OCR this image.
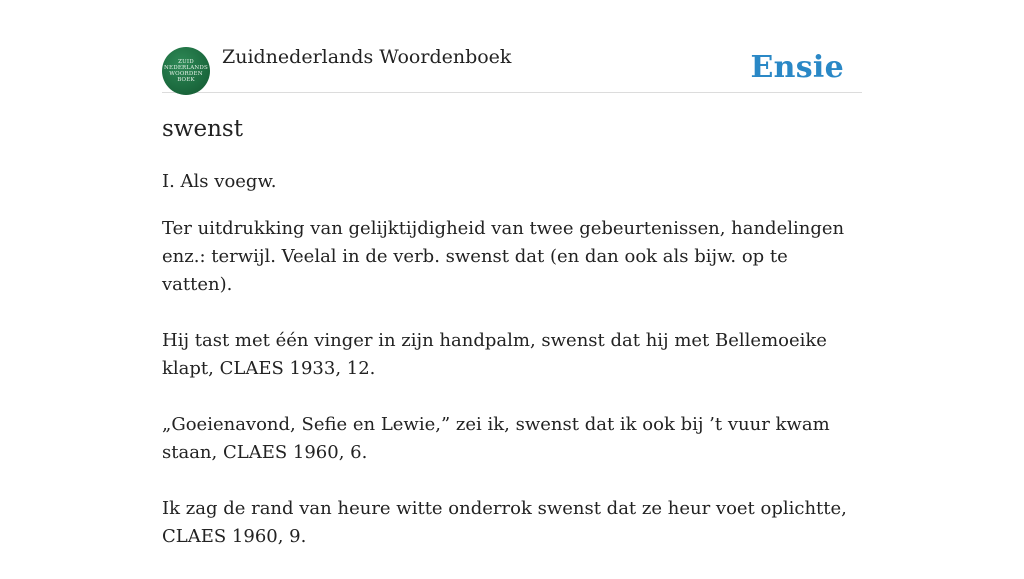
ZUID
NEDERLANDS
WOORDEN
BOEK
Zuidnederlands Woordenboek	Ensie
swenst

I. Als voegw.

Ter uitdrukking van gelijktijdigheid van twee gebeurtenissen, handelingen enz.: terwijl. Veelal in de verb. swenst dat (en dan ook als bijw. op te vatten).

Hij tast met één vinger in zijn handpalm, swenst dat hij met Bellemoeike klapt, CLAES 1933, 12.

„Goeienavond, Sefie en Lewie,” zei ik, swenst dat ik ook bij ’t vuur kwam staan, CLAES 1960, 6.

Ik zag de rand van heure witte onderrok swenst dat ze heur voet oplichtte, CLAES 1960, 9.
